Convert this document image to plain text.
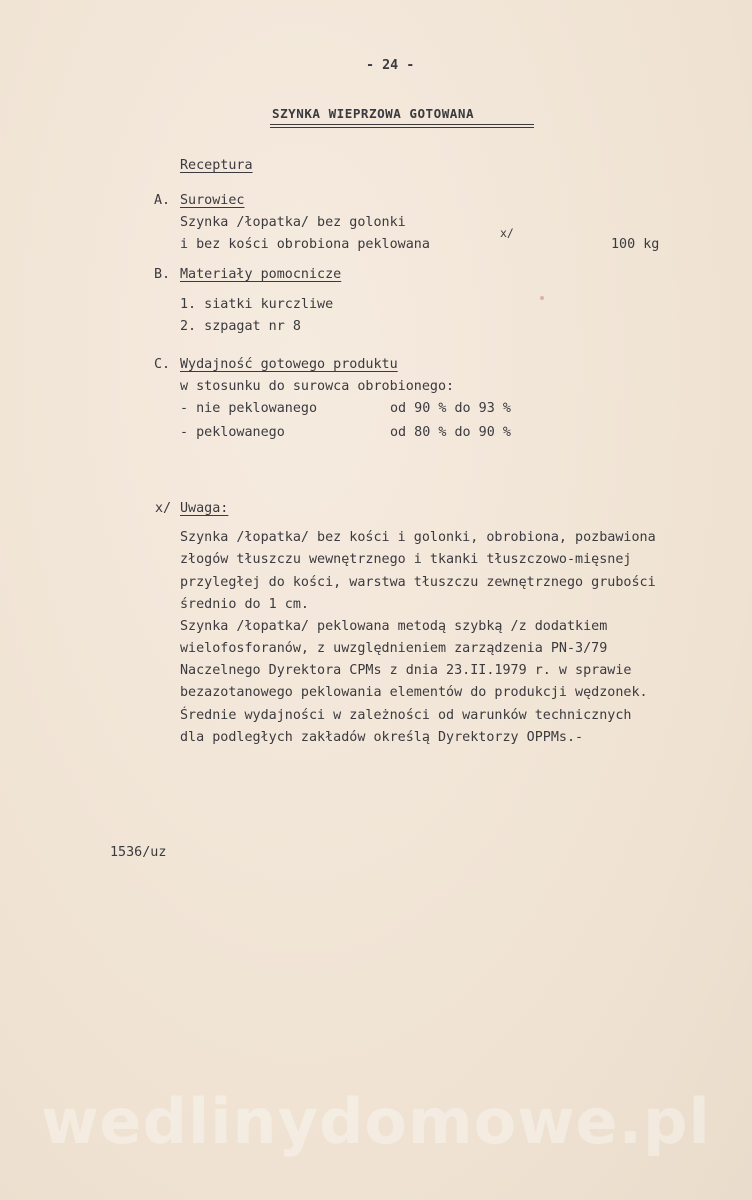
- 24 -
SZYNKA WIEPRZOWA GOTOWANA
Receptura
A. Surowiec
Szynka /łopatka/ bez golonki
x/
i bez kości obrobiona peklowana	100 kg
B. Materiały pomocnicze
1. siatki kurczliwe
2. szpagat nr 8
C. Wydajność gotowego produktu
w stosunku do surowca obrobionego:
- nie peklowanego	od 90 % do 93 %
- peklowanego	od 80 % do 90 %
x/ Uwaga:
Szynka /łopatka/ bez kości i golonki, obrobiona, pozbawiona
złogów tłuszczu wewnętrznego i tkanki tłuszczowo-mięsnej
przyległej do kości, warstwa tłuszczu zewnętrznego grubości
średnio do 1 cm.
Szynka /łopatka/ peklowana metodą szybką /z dodatkiem
wielofosforanów, z uwzględnieniem zarządzenia PN-3/79
Naczelnego Dyrektora CPMs z dnia 23.II.1979 r. w sprawie
bezazotanowego peklowania elementów do produkcji wędzonek.
Średnie wydajności w zależności od warunków technicznych
dla podległych zakładów określą Dyrektorzy OPPMs.-
1536/uz
wedlinydomowe.pl
